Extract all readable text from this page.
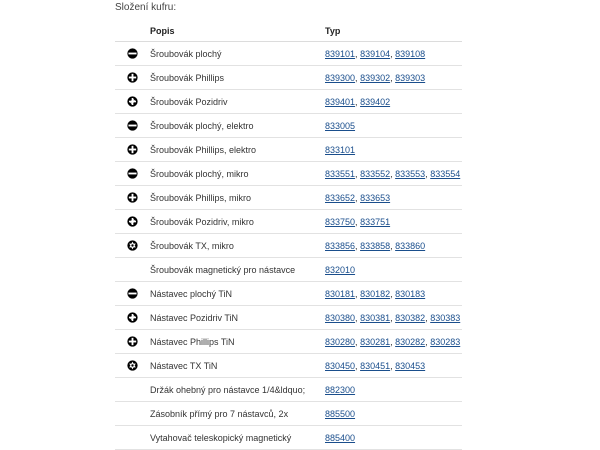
Složení kufru:
	Popis	Typ

	Šroubovák plochý	839101, 839104, 839108

	Šroubovák Phillips	839300, 839302, 839303

	Šroubovák Pozidriv	839401, 839402

	Šroubovák plochý, elektro	833005

	Šroubovák Phillips, elektro	833101

	Šroubovák plochý, mikro	833551, 833552, 833553, 833554

	Šroubovák Phillips, mikro	833652, 833653

	Šroubovák Pozidriv, mikro	833750, 833751

	Šroubovák TX, mikro	833856, 833858, 833860
	Šroubovák magnetický pro nástavce	832010

	Nástavec plochý TiN	830181, 830182, 830183

	Nástavec Pozidriv TiN	830380, 830381, 830382, 830383

	Nástavec Phillips TiN	830280, 830281, 830282, 830283

	Nástavec TX TiN	830450, 830451, 830453
	Držák ohebný pro nástavce 1/4&ldquo;	882300
	Zásobník přímý pro 7 nástavců, 2x	885500
	Vytahovač teleskopický magnetický	885400
